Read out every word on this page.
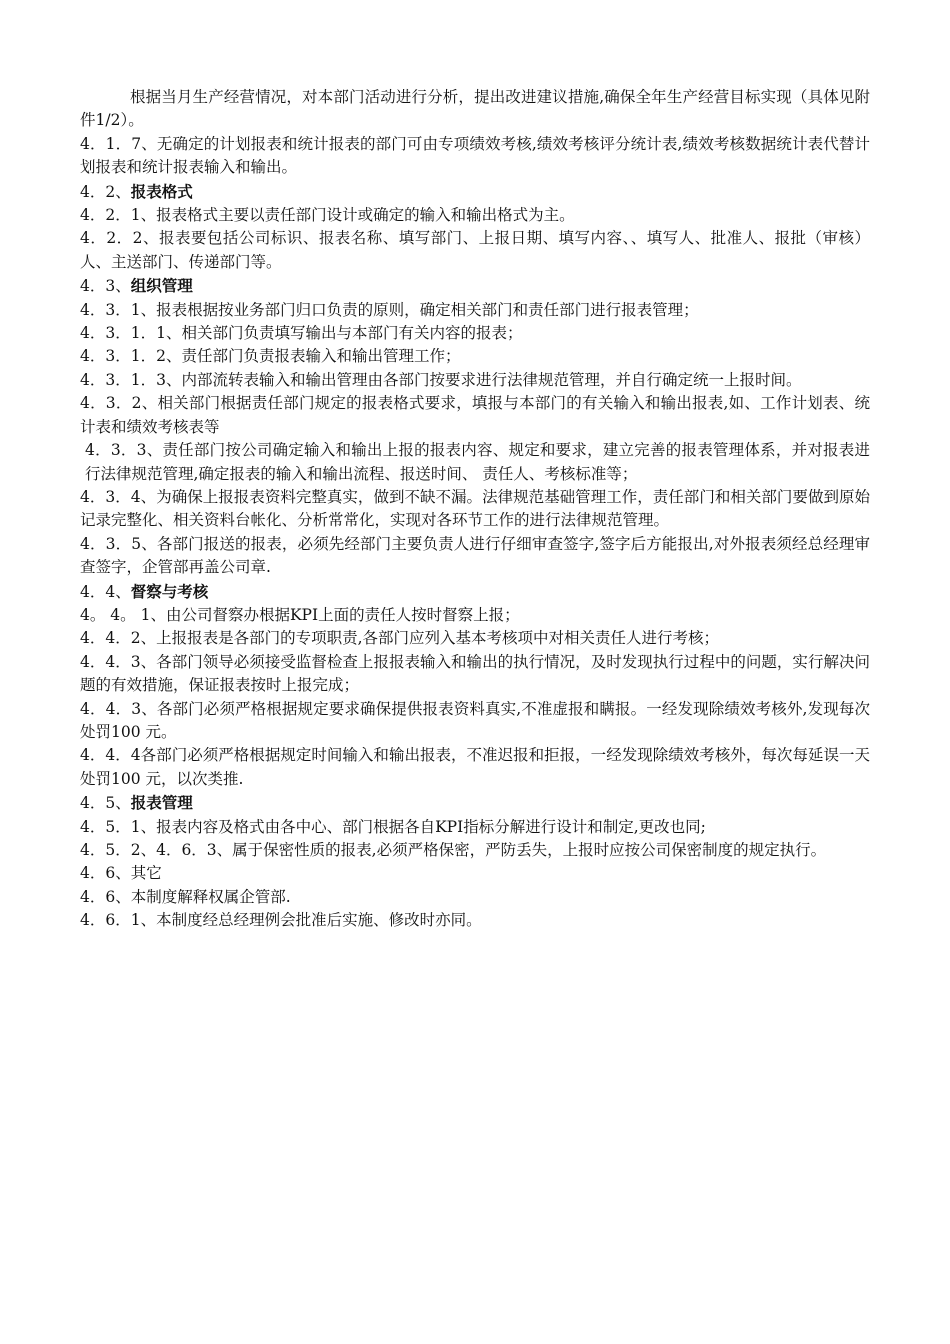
根据当月生产经营情况，对本部门活动进行分析，提出改进建议措施,确保全年生产经营目标实现（具体见附件1/2）。

4．1．7、无确定的计划报表和统计报表的部门可由专项绩效考核,绩效考核评分统计表,绩效考核数据统计表代替计划报表和统计报表输入和输出。

4．2、报表格式

4．2．1、报表格式主要以责任部门设计或确定的输入和输出格式为主。

4．2．2、报表要包括公司标识、报表名称、填写部门、上报日期、填写内容、、填写人、批准人、报批（审核）人、主送部门、传递部门等。

4．3、组织管理

4．3．1、报表根据按业务部门归口负责的原则，确定相关部门和责任部门进行报表管理；

4．3．1．1、相关部门负责填写输出与本部门有关内容的报表；

4．3．1．2、责任部门负责报表输入和输出管理工作；

4．3．1．3、内部流转表输入和输出管理由各部门按要求进行法律规范管理，并自行确定统一上报时间。

4．3．2、相关部门根据责任部门规定的报表格式要求，填报与本部门的有关输入和输出报表,如、工作计划表、统计表和绩效考核表等

4．3．3、责任部门按公司确定输入和输出上报的报表内容、规定和要求，建立完善的报表管理体系，并对报表进行法律规范管理,确定报表的输入和输出流程、报送时间、 责任人、考核标准等；

4．3．4、为确保上报报表资料完整真实，做到不缺不漏。法律规范基础管理工作，责任部门和相关部门要做到原始记录完整化、相关资料台帐化、分析常常化，实现对各环节工作的进行法律规范管理。

4．3．5、各部门报送的报表，必须先经部门主要负责人进行仔细审查签字,签字后方能报出,对外报表须经总经理审查签字，企管部再盖公司章.

4．4、督察与考核

4。 4。 1、由公司督察办根据KPI上面的责任人按时督察上报；

4．4．2、上报报表是各部门的专项职责,各部门应列入基本考核项中对相关责任人进行考核；

4．4．3、各部门领导必须接受监督检查上报报表输入和输出的执行情况，及时发现执行过程中的问题，实行解决问题的有效措施，保证报表按时上报完成；

4．4．3、各部门必须严格根据规定要求确保提供报表资料真实,不准虚报和瞒报。一经发现除绩效考核外,发现每次处罚100 元。

4．4．4各部门必须严格根据规定时间输入和输出报表，不准迟报和拒报，一经发现除绩效考核外，每次每延误一天处罚100 元，以次类推.

4．5、报表管理

4．5．1、报表内容及格式由各中心、部门根据各自KPI指标分解进行设计和制定,更改也同;

4．5．2、4．6．3、属于保密性质的报表,必须严格保密，严防丢失，上报时应按公司保密制度的规定执行。

4．6、其它

4．6、本制度解释权属企管部.

4．6．1、本制度经总经理例会批准后实施、修改时亦同。
